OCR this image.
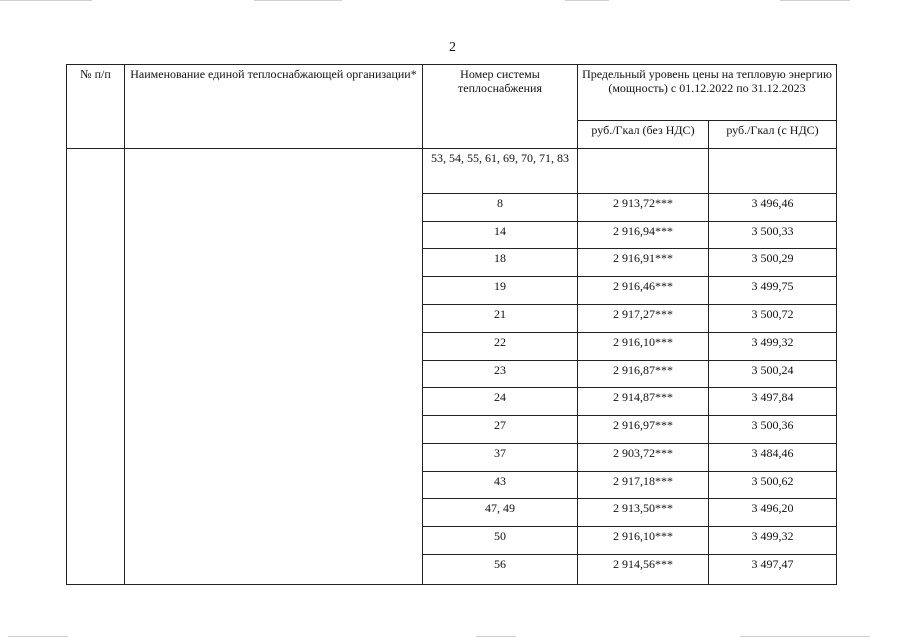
2
№ п/п	Наименование единой теплоснабжающей организации*	Номер системы теплоснабжения	Предельный уровень цены на тепловую энергию (мощность) с 01.12.2022 по 31.12.2023	
			руб./Гкал (без НДС)	руб./Гкал (с НДС)
		53, 54, 55, 61, 69, 70, 71, 83		
		8	2 913,72***	3 496,46
		14	2 916,94***	3 500,33
		18	2 916,91***	3 500,29
		19	2 916,46***	3 499,75
		21	2 917,27***	3 500,72
		22	2 916,10***	3 499,32
		23	2 916,87***	3 500,24
		24	2 914,87***	3 497,84
		27	2 916,97***	3 500,36
		37	2 903,72***	3 484,46
		43	2 917,18***	3 500,62
		47, 49	2 913,50***	3 496,20
		50	2 916,10***	3 499,32
		56	2 914,56***	3 497,47
